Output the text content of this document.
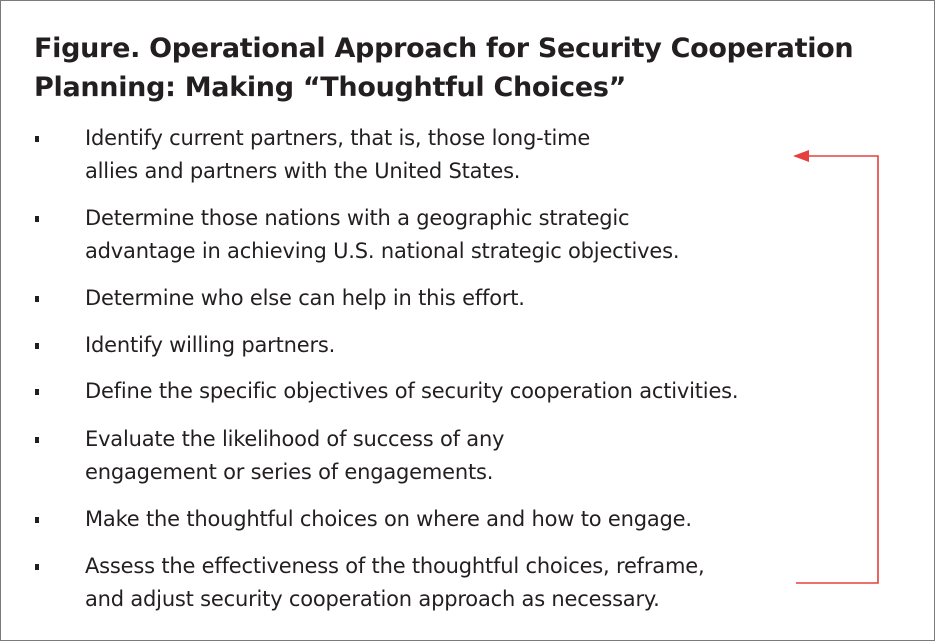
Figure. Operational Approach for Security Cooperation
Planning: Making “Thoughtful Choices”
Identify current partners, that is, those long-time
allies and partners with the United States.
Determine those nations with a geographic strategic
advantage in achieving U.S. national strategic objectives.
Determine who else can help in this effort.
Identify willing partners.
Define the specific objectives of security cooperation activities.
Evaluate the likelihood of success of any
engagement or series of engagements.
Make the thoughtful choices on where and how to engage.
Assess the effectiveness of the thoughtful choices, reframe,
and adjust security cooperation approach as necessary.
